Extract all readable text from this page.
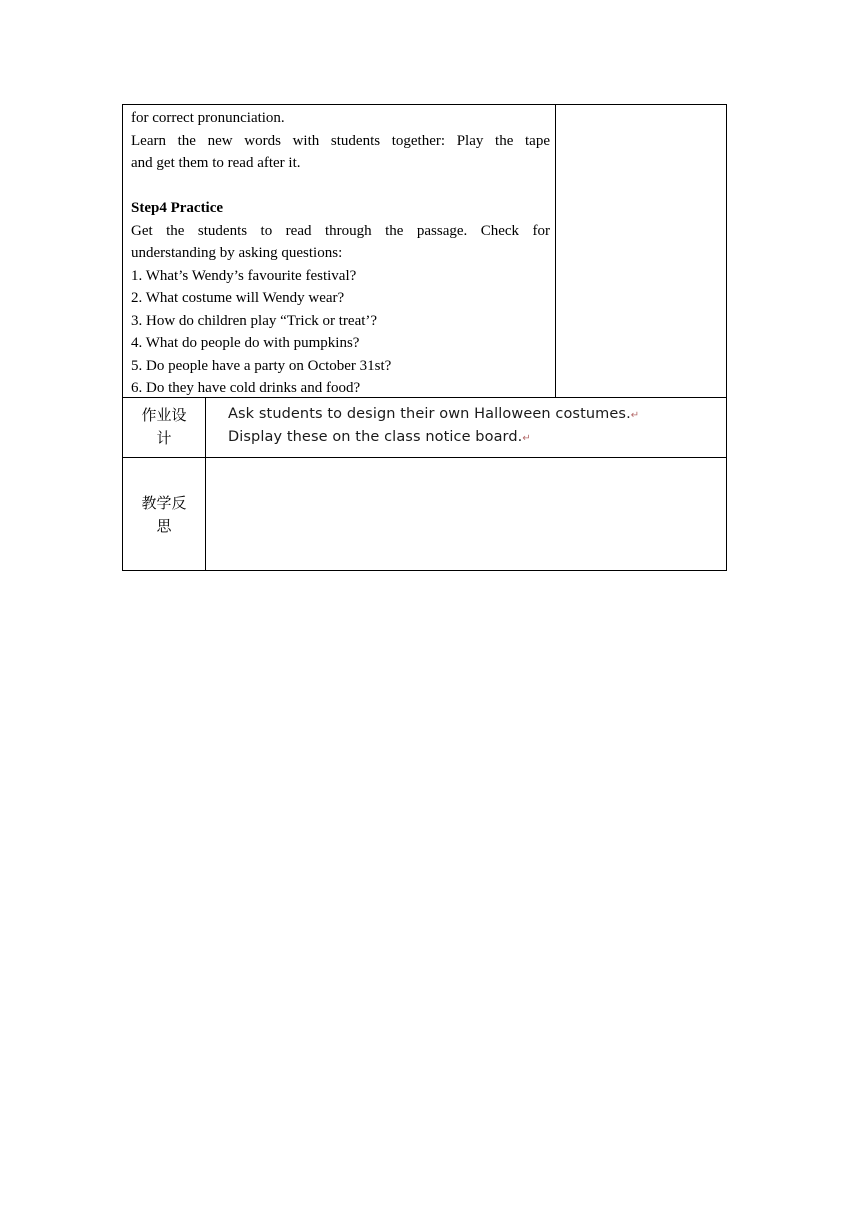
for correct pronunciation.
Learn the new words with students together: Play the tape
and get them to read after it.
Step4 Practice
Get the students to read through the passage. Check for
understanding by asking questions:
1. What’s Wendy’s favourite festival?
2. What costume will Wendy wear?
3. How do children play “Trick or treat’?
4. What do people do with pumpkins?
5. Do people have a party on October 31st?
6. Do they have cold drinks and food?
作业设
计
Ask students to design their own Halloween costumes.↵
Display these on the class notice board.↵
教学反
思
